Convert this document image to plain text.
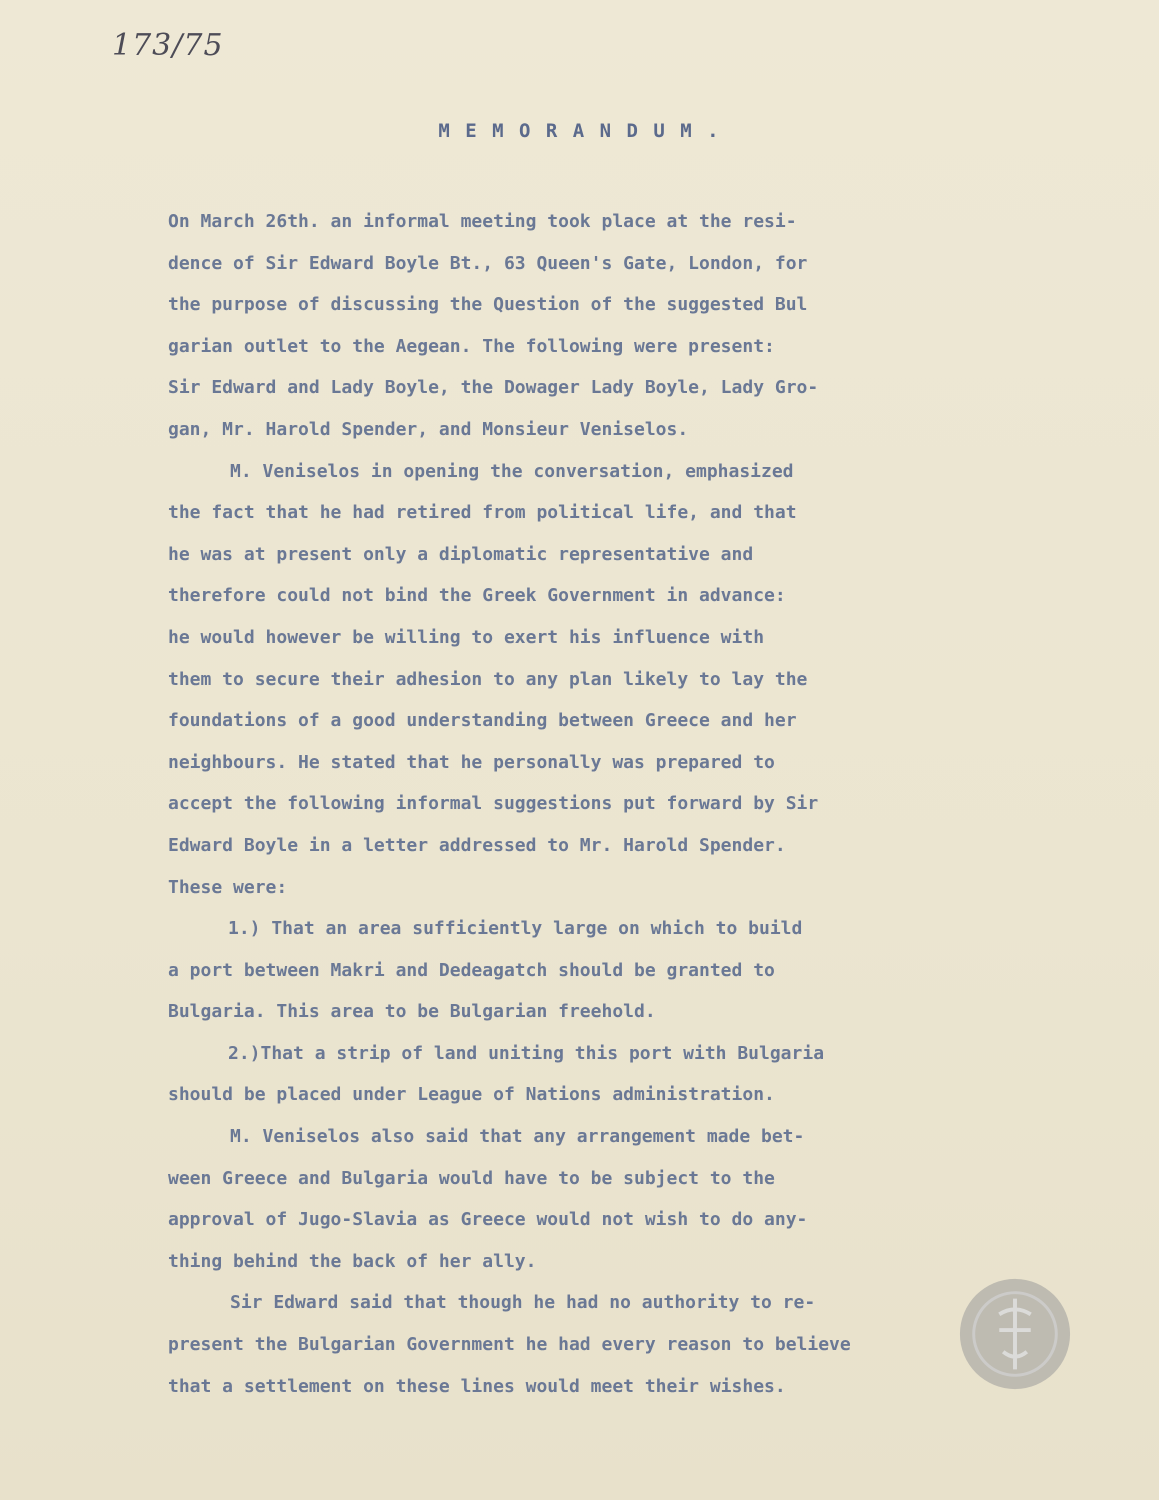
173/75
M E M O R A N D U M .
On March 26th. an informal meeting took place at the resi-
dence of Sir Edward Boyle Bt., 63 Queen's Gate, London, for
the purpose of discussing the Question of the suggested Bul
garian outlet to the Aegean. The following were present:
Sir Edward and Lady Boyle, the Dowager Lady Boyle, Lady Gro-
gan, Mr. Harold Spender, and Monsieur Veniselos.
M. Veniselos in opening the conversation, emphasized
the fact that he had retired from political life, and that
he was at present only a diplomatic representative and
therefore could not bind the Greek Government in advance:
he would however be willing to exert his influence with
them to secure their adhesion to any plan likely to lay the
foundations of a good understanding between Greece and her
neighbours. He stated that he personally was prepared to
accept the following informal suggestions put forward by Sir
Edward Boyle in a letter addressed to Mr. Harold Spender.
These were:
1.) That an area sufficiently large on which to build
a port between Makri and Dedeagatch should be granted to
Bulgaria. This area to be Bulgarian freehold.
2.)That a strip of land uniting this port with Bulgaria
should be placed under League of Nations administration.
M. Veniselos also said that any arrangement made bet-
ween Greece and Bulgaria would have to be subject to the
approval of Jugo-Slavia as Greece would not wish to do any-
thing behind the back of her ally.
Sir Edward said that though he had no authority to re-
present the Bulgarian Government he had every reason to believe
that a settlement on these lines would meet their wishes.
